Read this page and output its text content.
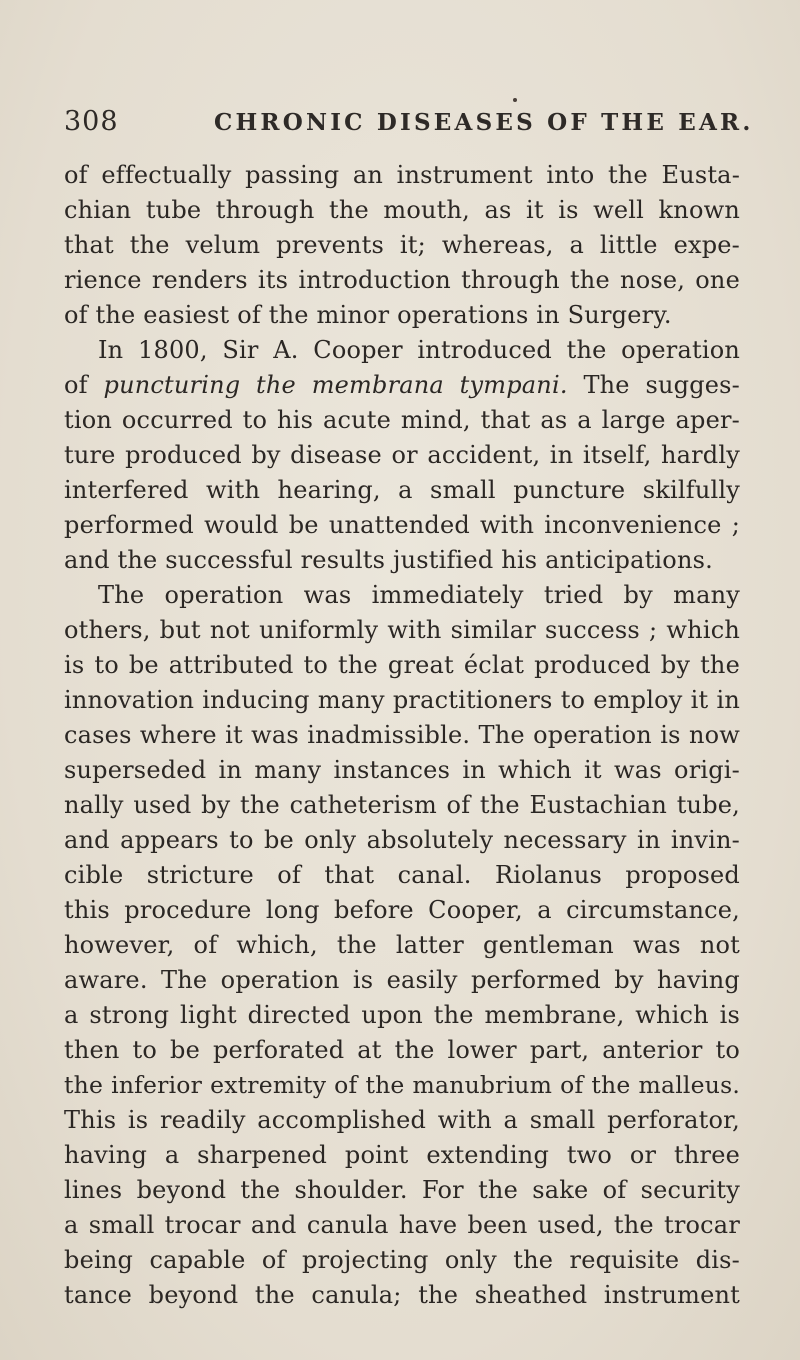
308	CHRONIC DISEASES OF THE EAR.
of effectually passing an instrument into the Eusta-
chian tube through the mouth, as it is well known
that the velum prevents it; whereas, a little expe-
rience renders its introduction through the nose, one
of the easiest of the minor operations in Surgery.
In 1800, Sir A. Cooper introduced the operation
of puncturing the membrana tympani. The sugges-
tion occurred to his acute mind, that as a large aper-
ture produced by disease or accident, in itself, hardly
interfered with hearing, a small puncture skilfully
performed would be unattended with inconvenience ;
and the successful results justified his anticipations.
The operation was immediately tried by many
others, but not uniformly with similar success ; which
is to be attributed to the great éclat produced by the
innovation inducing many practitioners to employ it in
cases where it was inadmissible. The operation is now
superseded in many instances in which it was origi-
nally used by the catheterism of the Eustachian tube,
and appears to be only absolutely necessary in invin-
cible stricture of that canal. Riolanus proposed
this procedure long before Cooper, a circumstance,
however, of which, the latter gentleman was not
aware. The operation is easily performed by having
a strong light directed upon the membrane, which is
then to be perforated at the lower part, anterior to
the inferior extremity of the manubrium of the malleus.
This is readily accomplished with a small perforator,
having a sharpened point extending two or three
lines beyond the shoulder. For the sake of security
a small trocar and canula have been used, the trocar
being capable of projecting only the requisite dis-
tance beyond the canula; the sheathed instrument
